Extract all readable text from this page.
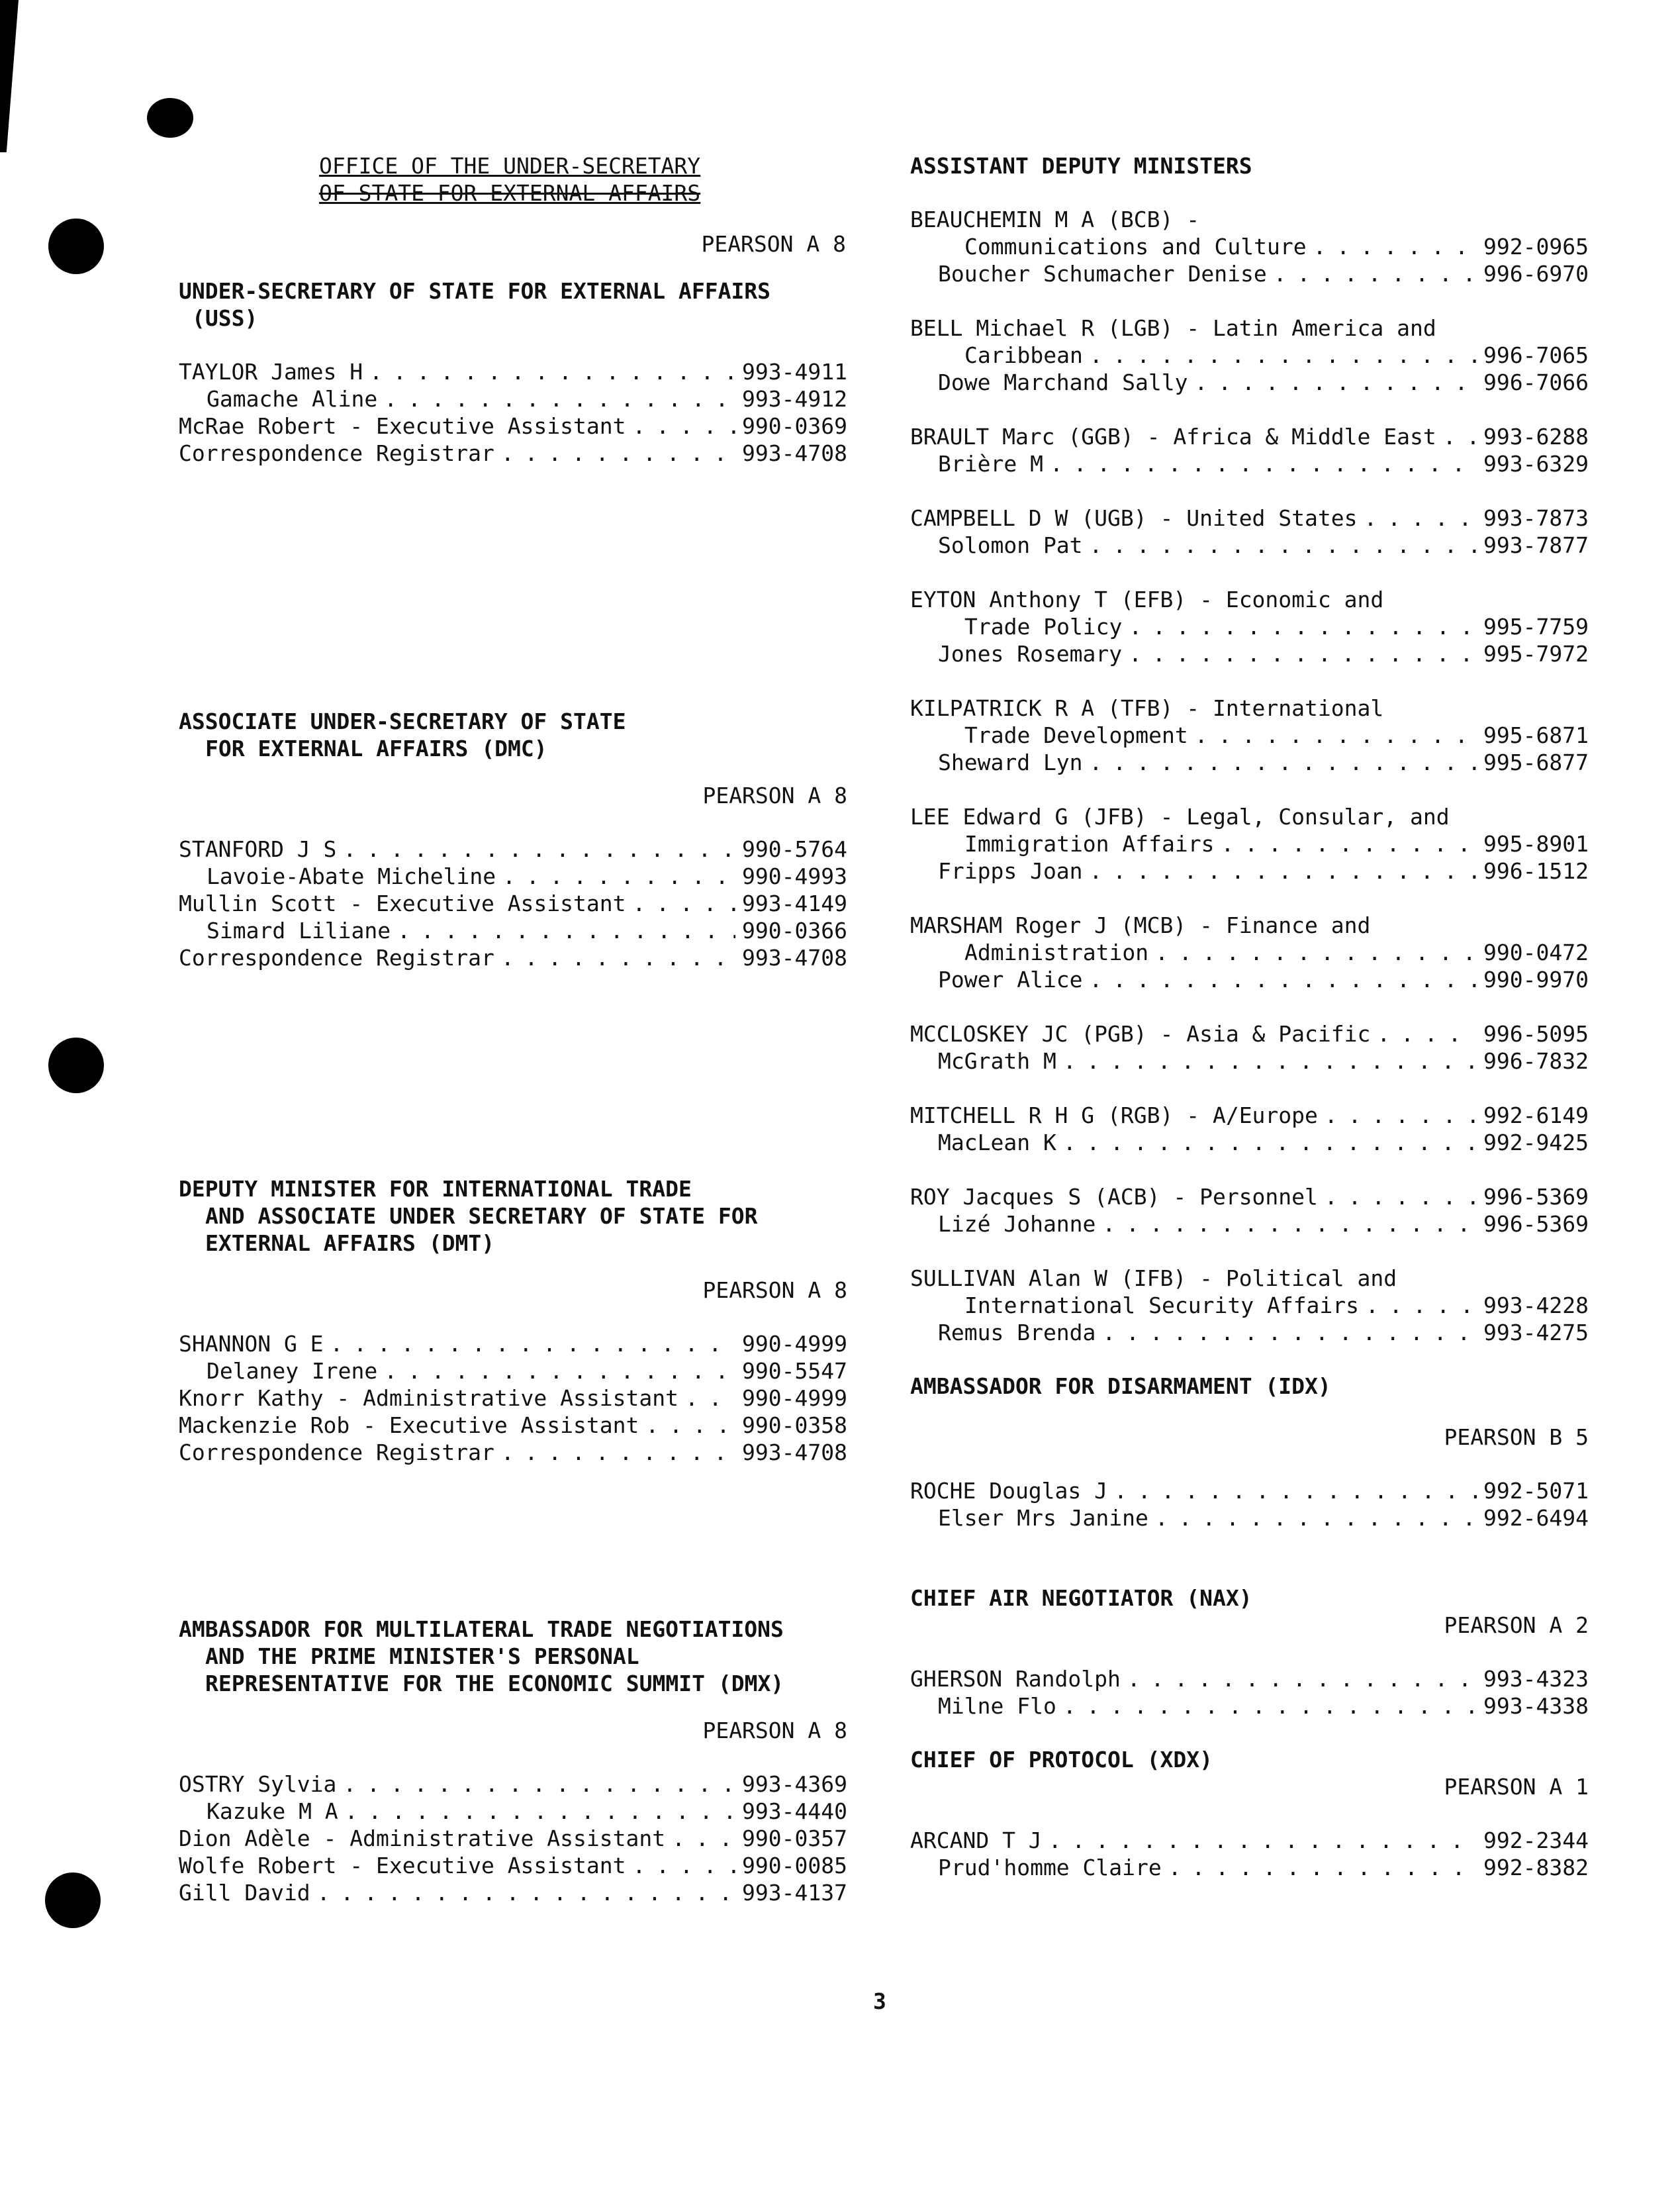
OFFICE OF THE UNDER-SECRETARY
OF STATE FOR EXTERNAL AFFAIRS
PEARSON A 8
UNDER-SECRETARY OF STATE FOR EXTERNAL AFFAIRS
(USS)
TAYLOR James H . . .	993-4911
Gamache Aline . . .	993-4912
McRae Robert - Executive Assistant . . .	990-0369
Correspondence Registrar . . .	993-4708
ASSOCIATE UNDER-SECRETARY OF STATE
FOR EXTERNAL AFFAIRS (DMC)
PEARSON A 8
STANFORD J S . . .	990-5764
Lavoie-Abate Micheline . . .	990-4993
Mullin Scott - Executive Assistant . . .	993-4149
Simard Liliane . . .	990-0366
Correspondence Registrar . . .	993-4708
DEPUTY MINISTER FOR INTERNATIONAL TRADE
AND ASSOCIATE UNDER SECRETARY OF STATE FOR
EXTERNAL AFFAIRS (DMT)
PEARSON A 8
SHANNON G E . . .	990-4999
Delaney Irene . . .	990-5547
Knorr Kathy - Administrative Assistant . . .	990-4999
Mackenzie Rob - Executive Assistant . . .	990-0358
Correspondence Registrar . . .	993-4708
AMBASSADOR FOR MULTILATERAL TRADE NEGOTIATIONS
AND THE PRIME MINISTER'S PERSONAL
REPRESENTATIVE FOR THE ECONOMIC SUMMIT (DMX)
PEARSON A 8
OSTRY Sylvia . . .	993-4369
Kazuke M A . . .	993-4440
Dion Adèle - Administrative Assistant . . .	990-0357
Wolfe Robert - Executive Assistant . . .	990-0085
Gill David . . .	993-4137
ASSISTANT DEPUTY MINISTERS
BEAUCHEMIN M A (BCB) -
Communications and Culture . . .	992-0965
Boucher Schumacher Denise . . .	996-6970
BELL Michael R (LGB) - Latin America and
Caribbean . . .	996-7065
Dowe Marchand Sally . . .	996-7066
BRAULT Marc (GGB) - Africa & Middle East . . . 993-6288
Brière M . . .	993-6329
CAMPBELL D W (UGB) - United States . . .	993-7873
Solomon Pat . . .	993-7877
EYTON Anthony T (EFB) - Economic and
Trade Policy . . .	995-7759
Jones Rosemary . . .	995-7972
KILPATRICK R A (TFB) - International
Trade Development . . .	995-6871
Sheward Lyn . . .	995-6877
LEE Edward G (JFB) - Legal, Consular, and
Immigration Affairs . . .	995-8901
Fripps Joan . . .	996-1512
MARSHAM Roger J (MCB) - Finance and
Administration . . .	990-0472
Power Alice . . .	990-9970
MCCLOSKEY JC (PGB) - Asia & Pacific . . .	996-5095
McGrath M . . .	996-7832
MITCHELL R H G (RGB) - A/Europe . . .	992-6149
MacLean K . . .	992-9425
ROY Jacques S (ACB) - Personnel . . .	996-5369
Lizé Johanne . . .	996-5369
SULLIVAN Alan W (IFB) - Political and
International Security Affairs . . .	993-4228
Remus Brenda . . .	993-4275
AMBASSADOR FOR DISARMAMENT (IDX)
PEARSON B 5
ROCHE Douglas J . . .	992-5071
Elser Mrs Janine . . .	992-6494
CHIEF AIR NEGOTIATOR (NAX)
PEARSON A 2
GHERSON Randolph . . .	993-4323
Milne Flo . . .	993-4338
CHIEF OF PROTOCOL (XDX)
PEARSON A 1
ARCAND T J . . .	992-2344
Prud'homme Claire . . .	992-8382
3
